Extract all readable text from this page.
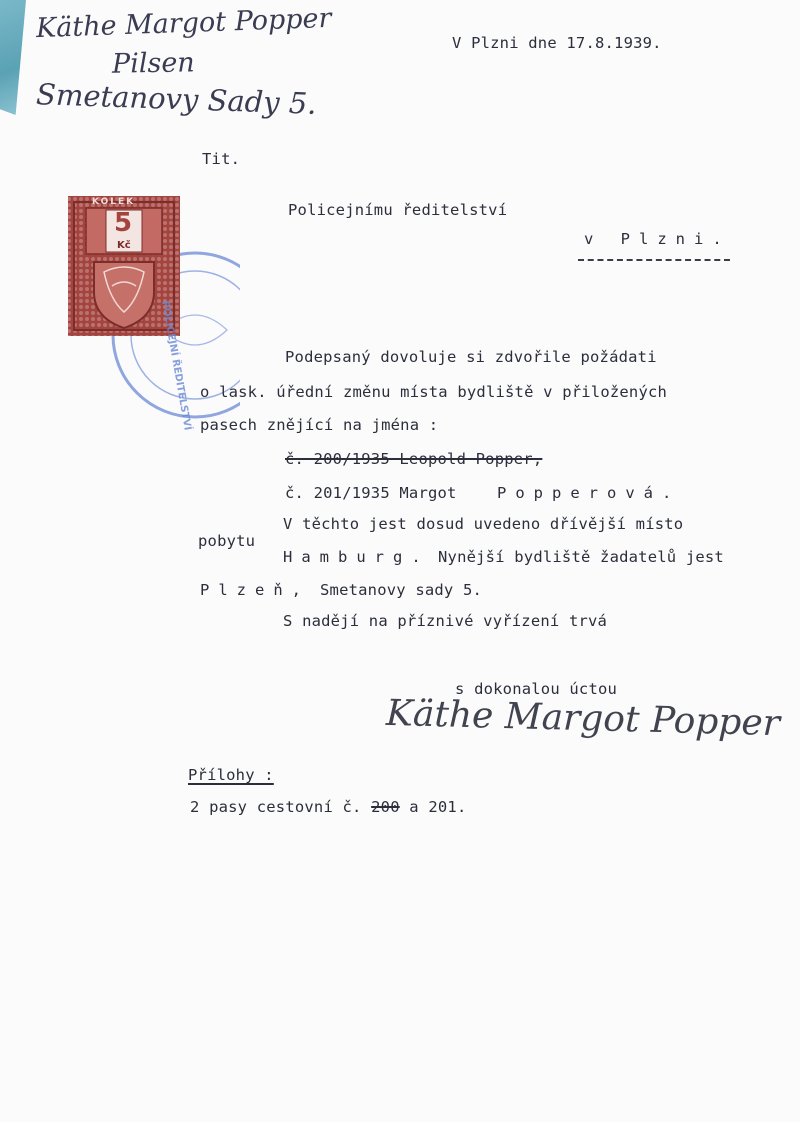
Käthe Margot Popper
Pilsen
Smetanovy Sady 5.
V Plzni dne 17.8.1939.
Tit.
Policejnímu ředitelství
v Plzni.
KOLEK
5
Kč
POLICEJNÍ ŘEDITELSTVÍ	Podepsaný dovoluje si zdvořile požádati
o lask. úřední změnu místa bydliště v přiložených
pasech znějící na jména :
č. 200/1935 Leopold Popper,
č. 201/1935 Margot	Popperová.
V těchto jest dosud uvedeno dřívější místo
pobytu
Hamburg. Nynější bydliště žadatelů jest
Plzeň, Smetanovy sady 5.
S nadějí na příznivé vyřízení trvá
s dokonalou úctou
Käthe Margot Popper
Přílohy :
2 pasy cestovní č. 200 a 201.
